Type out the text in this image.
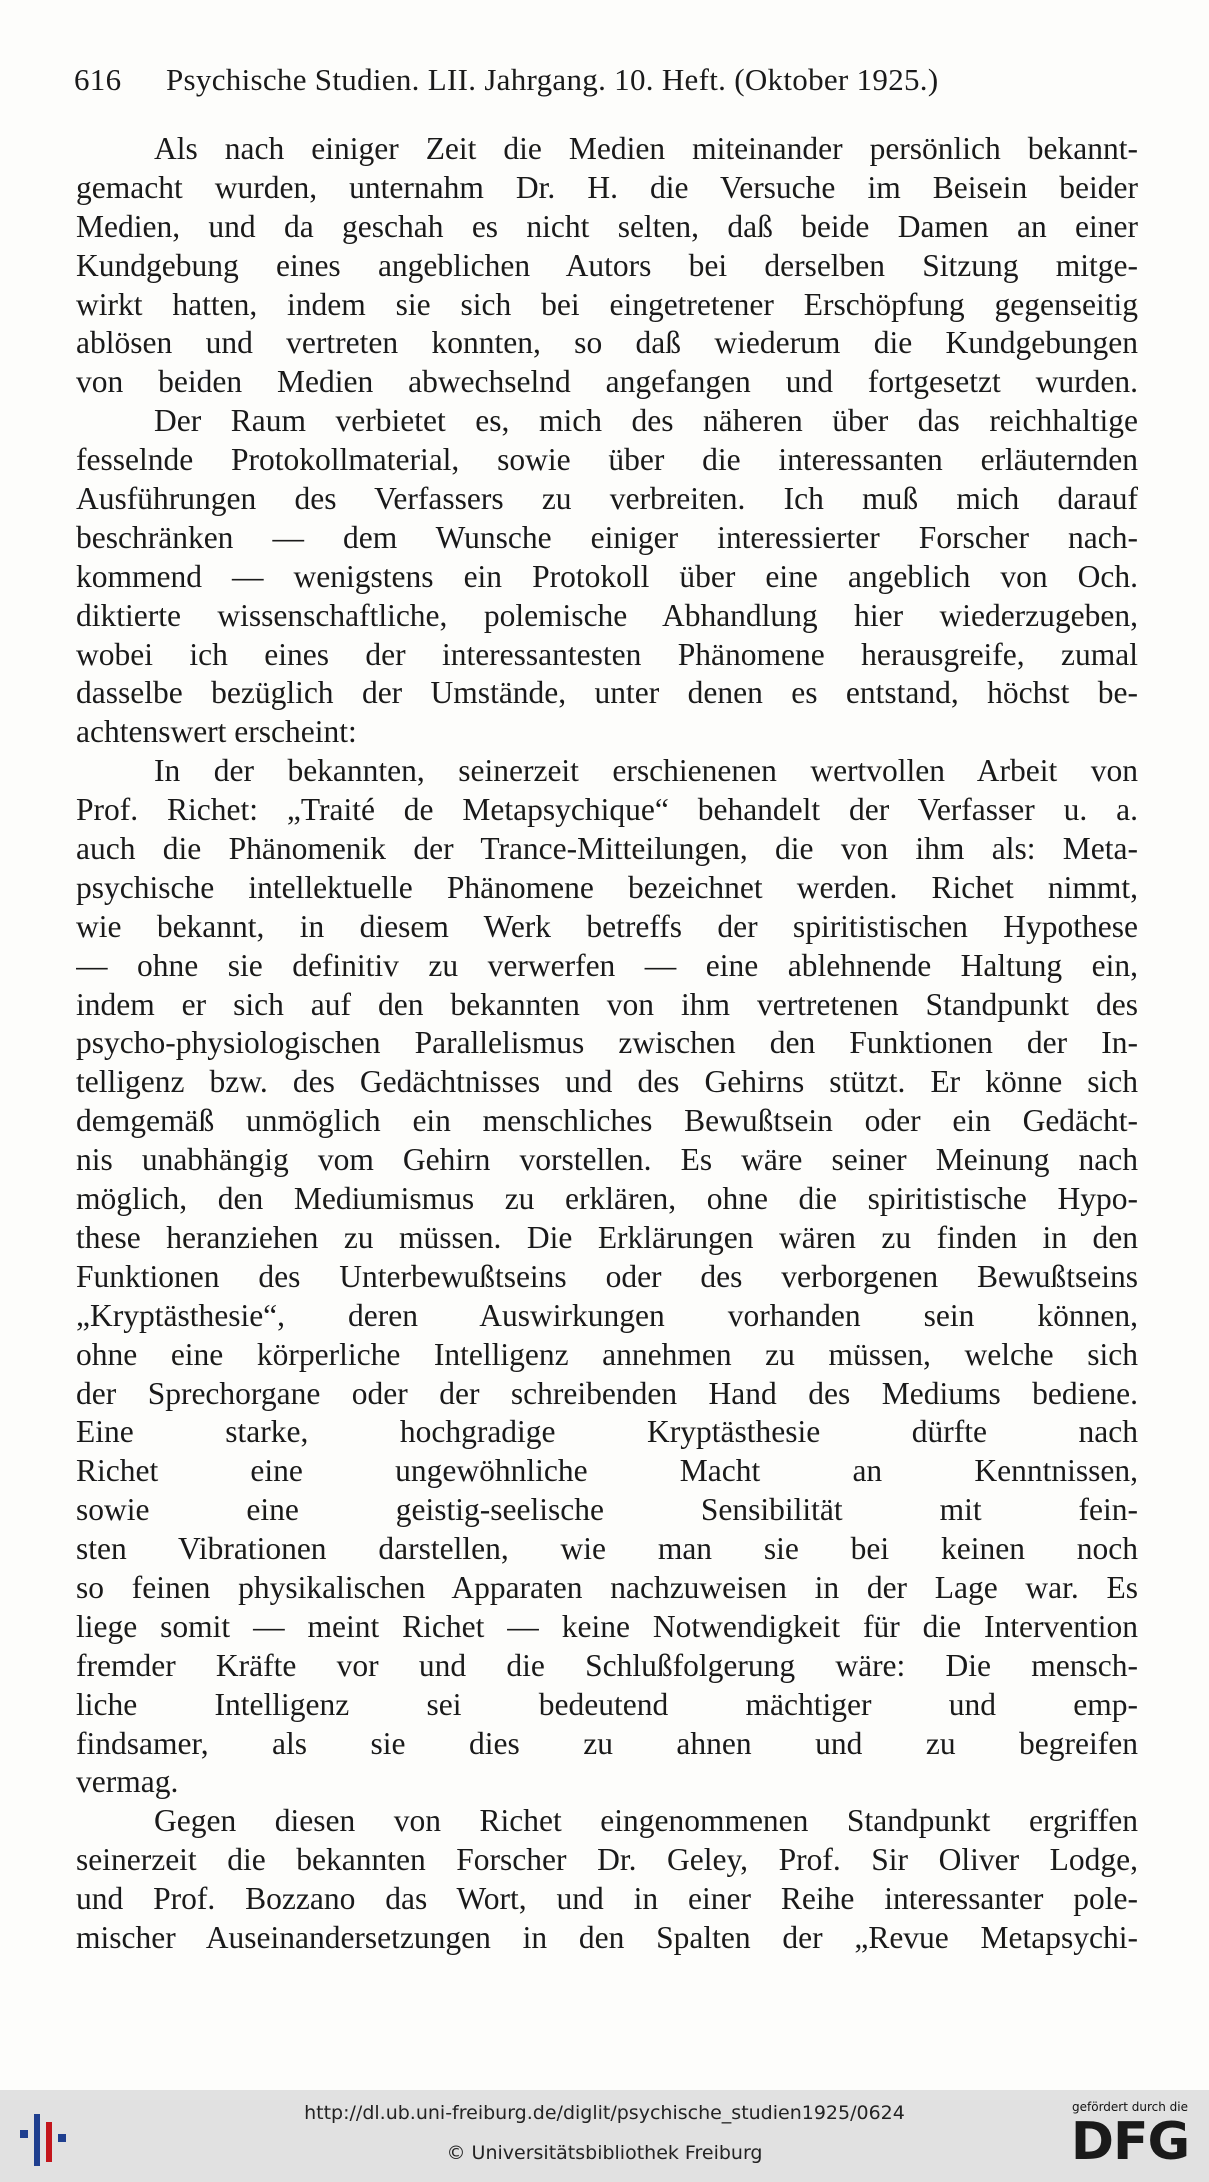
616 Psychische Studien. LII. Jahrgang. 10. Heft. (Oktober 1925.)
Als nach einiger Zeit die Medien miteinander persönlich bekannt-
gemacht wurden, unternahm Dr. H. die Versuche im Beisein beider
Medien, und da geschah es nicht selten, daß beide Damen an einer
Kundgebung eines angeblichen Autors bei derselben Sitzung mitge-
wirkt hatten, indem sie sich bei eingetretener Erschöpfung gegenseitig
ablösen und vertreten konnten, so daß wiederum die Kundgebungen
von beiden Medien abwechselnd angefangen und fortgesetzt wurden.
Der Raum verbietet es, mich des näheren über das reichhaltige
fesselnde Protokollmaterial, sowie über die interessanten erläuternden
Ausführungen des Verfassers zu verbreiten. Ich muß mich darauf
beschränken — dem Wunsche einiger interessierter Forscher nach-
kommend — wenigstens ein Protokoll über eine angeblich von Och.
diktierte wissenschaftliche, polemische Abhandlung hier wiederzugeben,
wobei ich eines der interessantesten Phänomene herausgreife, zumal
dasselbe bezüglich der Umstände, unter denen es entstand, höchst be-
achtenswert erscheint:
In der bekannten, seinerzeit erschienenen wertvollen Arbeit von
Prof. Richet: „Traité de Metapsychique“ behandelt der Verfasser u. a.
auch die Phänomenik der Trance-Mitteilungen, die von ihm als: Meta-
psychische intellektuelle Phänomene bezeichnet werden. Richet nimmt,
wie bekannt, in diesem Werk betreffs der spiritistischen Hypothese
— ohne sie definitiv zu verwerfen — eine ablehnende Haltung ein,
indem er sich auf den bekannten von ihm vertretenen Standpunkt des
psycho-physiologischen Parallelismus zwischen den Funktionen der In-
telligenz bzw. des Gedächtnisses und des Gehirns stützt. Er könne sich
demgemäß unmöglich ein menschliches Bewußtsein oder ein Gedächt-
nis unabhängig vom Gehirn vorstellen. Es wäre seiner Meinung nach
möglich, den Mediumismus zu erklären, ohne die spiritistische Hypo-
these heranziehen zu müssen. Die Erklärungen wären zu finden in den
Funktionen des Unterbewußtseins oder des verborgenen Bewußtseins
„Kryptästhesie“, deren Auswirkungen vorhanden sein können,
ohne eine körperliche Intelligenz annehmen zu müssen, welche sich
der Sprechorgane oder der schreibenden Hand des Mediums bediene.
Eine starke, hochgradige Kryptästhesie dürfte nach
Richet eine ungewöhnliche Macht an Kenntnissen,
sowie eine geistig-seelische Sensibilität mit fein-
sten Vibrationen darstellen, wie man sie bei keinen noch
so feinen physikalischen Apparaten nachzuweisen in der Lage war. Es
liege somit — meint Richet — keine Notwendigkeit für die Intervention
fremder Kräfte vor und die Schlußfolgerung wäre: Die mensch-
liche Intelligenz sei bedeutend mächtiger und emp-
findsamer, als sie dies zu ahnen und zu begreifen
vermag.
Gegen diesen von Richet eingenommenen Standpunkt ergriffen
seinerzeit die bekannten Forscher Dr. Geley, Prof. Sir Oliver Lodge,
und Prof. Bozzano das Wort, und in einer Reihe interessanter pole-
mischer Auseinandersetzungen in den Spalten der „Revue Metapsychi-
http://dl.ub.uni-freiburg.de/diglit/psychische_studien1925/0624
© Universitätsbibliothek Freiburg
gefördert durch die
DFG
